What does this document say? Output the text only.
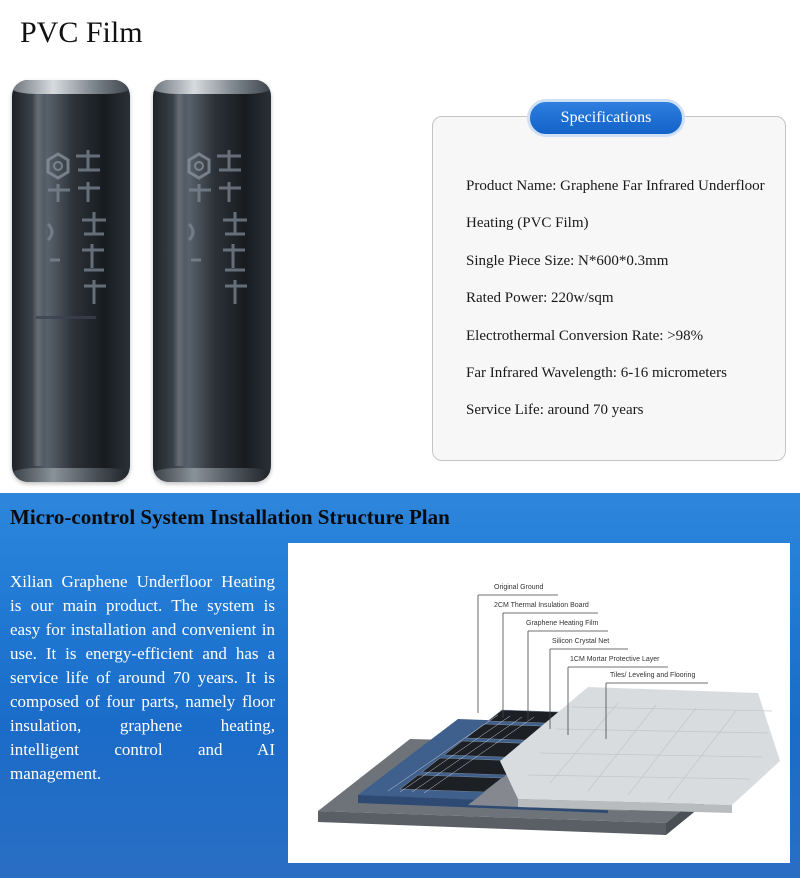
PVC Film
Specifications
Product Name: Graphene Far Infrared Underfloor
Heating (PVC Film)
Single Piece Size: N*600*0.3mm
Rated Power: 220w/sqm
Electrothermal Conversion Rate: >98%
Far Infrared Wavelength: 6-16 micrometers
Service Life: around 70 years
Micro-control System Installation Structure Plan

Xilian Graphene Underfloor Heating is our main product. The system is easy for installation and convenient in use. It is energy-efficient and has a service life of around 70 years. It is composed of four parts, namely floor insulation, graphene heating, intelligent control and AI management.

Original Ground
2CM Thermal Insulation Board
Graphene Heating Film
Silicon Crystal Net
1CM Mortar Protective Layer
Tiles/ Leveling and Flooring
